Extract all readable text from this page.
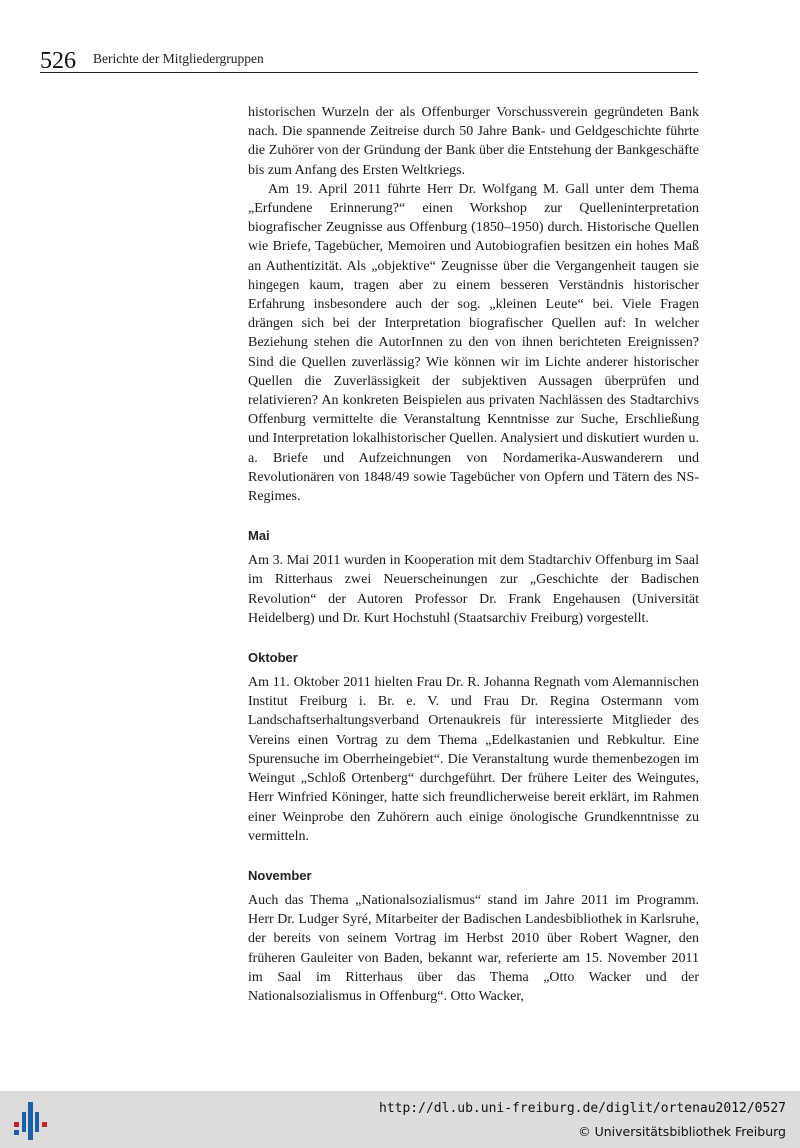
526 Berichte der Mitgliedergruppen

historischen Wurzeln der als Offenburger Vorschussverein gegründeten Bank nach. Die spannende Zeitreise durch 50 Jahre Bank- und Geldgeschichte führte die Zuhörer von der Gründung der Bank über die Entstehung der Bankgeschäfte bis zum Anfang des Ersten Weltkriegs.

Am 19. April 2011 führte Herr Dr. Wolfgang M. Gall unter dem Thema „Erfundene Erinnerung?“ einen Workshop zur Quelleninterpretation biografischer Zeugnisse aus Offenburg (1850–1950) durch. Historische Quellen wie Briefe, Tagebücher, Memoiren und Autobiografien besitzen ein hohes Maß an Authentizität. Als „objektive“ Zeugnisse über die Vergangenheit taugen sie hingegen kaum, tragen aber zu einem besseren Verständnis historischer Erfahrung insbesondere auch der sog. „kleinen Leute“ bei. Viele Fragen drängen sich bei der Interpretation biografischer Quellen auf: In welcher Beziehung stehen die AutorInnen zu den von ihnen berichteten Ereignissen? Sind die Quellen zuverlässig? Wie können wir im Lichte anderer historischer Quellen die Zuverlässigkeit der subjektiven Aussagen überprüfen und relativieren? An konkreten Beispielen aus privaten Nachlässen des Stadtarchivs Offenburg vermittelte die Veranstaltung Kenntnisse zur Suche, Erschließung und Interpretation lokalhistorischer Quellen. Analysiert und diskutiert wurden u. a. Briefe und Aufzeichnungen von Nordamerika-Auswanderern und Revolutionären von 1848/49 sowie Tagebücher von Opfern und Tätern des NS-Regimes.

Mai

Am 3. Mai 2011 wurden in Kooperation mit dem Stadtarchiv Offenburg im Saal im Ritterhaus zwei Neuerscheinungen zur „Geschichte der Badischen Revolution“ der Autoren Professor Dr. Frank Engehausen (Universität Heidelberg) und Dr. Kurt Hochstuhl (Staatsarchiv Freiburg) vorgestellt.

Oktober

Am 11. Oktober 2011 hielten Frau Dr. R. Johanna Regnath vom Alemannischen Institut Freiburg i. Br. e. V. und Frau Dr. Regina Ostermann vom Landschaftserhaltungsverband Ortenaukreis für interessierte Mitglieder des Vereins einen Vortrag zu dem Thema „Edelkastanien und Rebkultur. Eine Spurensuche im Oberrheingebiet“. Die Veranstaltung wurde themenbezogen im Weingut „Schloß Ortenberg“ durchgeführt. Der frühere Leiter des Weingutes, Herr Winfried Köninger, hatte sich freundlicherweise bereit erklärt, im Rahmen einer Weinprobe den Zuhörern auch einige önologische Grundkenntnisse zu vermitteln.

November

Auch das Thema „Nationalsozialismus“ stand im Jahre 2011 im Programm. Herr Dr. Ludger Syré, Mitarbeiter der Badischen Landesbibliothek in Karlsruhe, der bereits von seinem Vortrag im Herbst 2010 über Robert Wagner, den früheren Gauleiter von Baden, bekannt war, referierte am 15. November 2011 im Saal im Ritterhaus über das Thema „Otto Wacker und der Nationalsozialismus in Offenburg“. Otto Wacker,

http://dl.ub.uni-freiburg.de/diglit/ortenau2012/0527
© Universitätsbibliothek Freiburg
